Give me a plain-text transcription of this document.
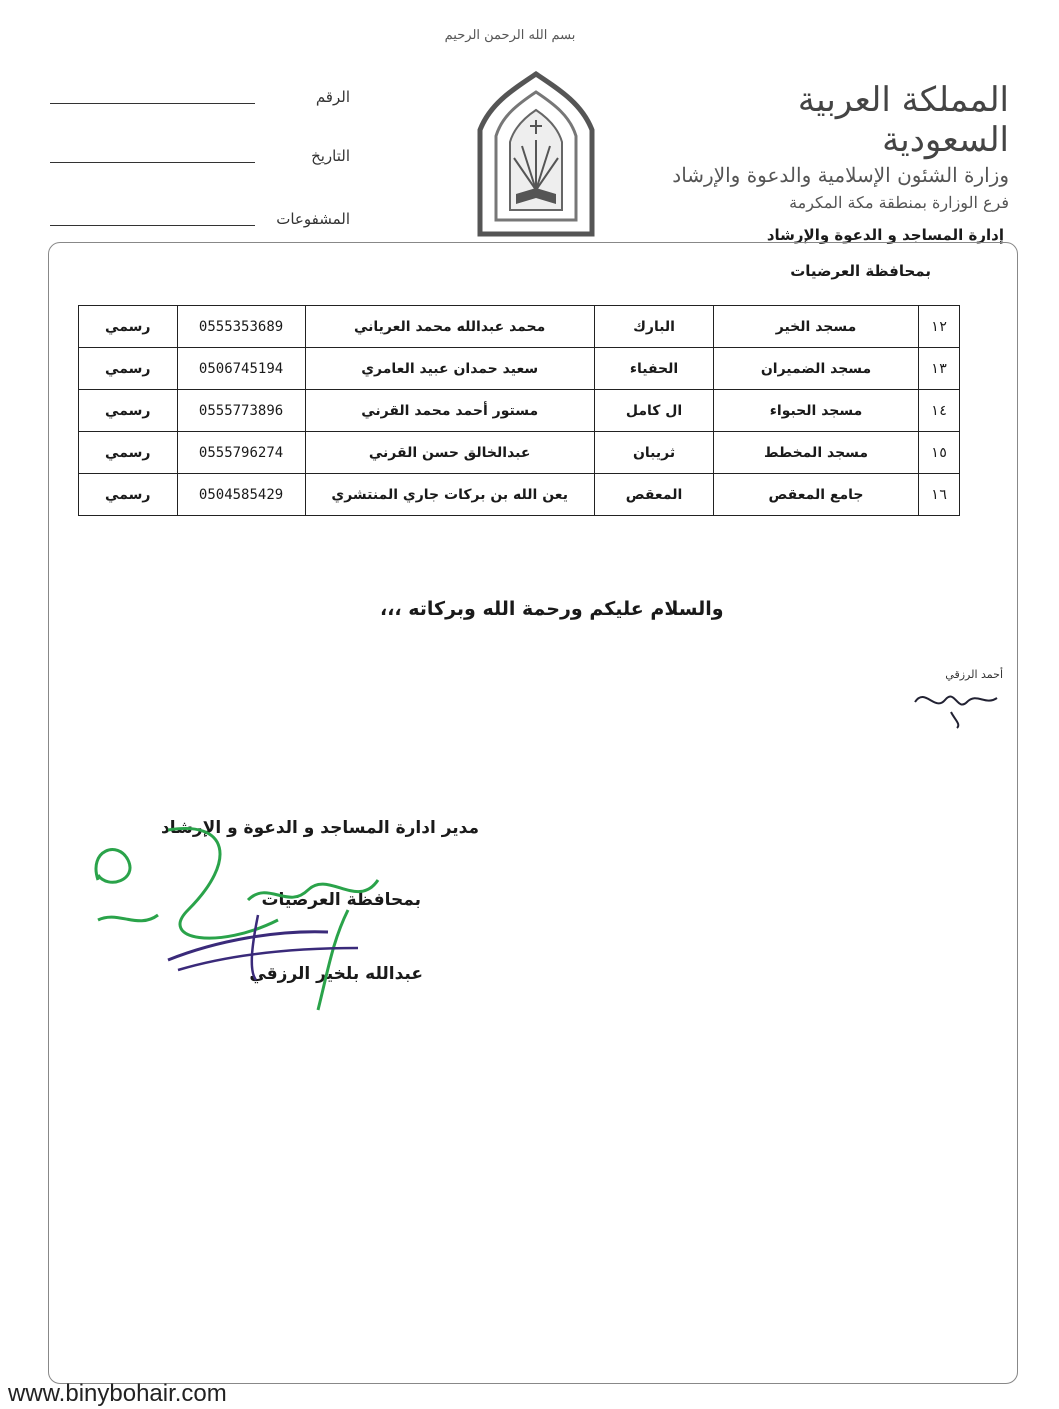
بسم الله الرحمن الرحيم
المملكة العربية السعودية
وزارة الشئون الإسلامية والدعوة والإرشاد
فرع الوزارة بمنطقة مكة المكرمة
إدارة المساجد و الدعوة والإرشاد
بمحافظة العرضيات
الرقم
التاريخ
المشفوعات
١٢	مسجد الخير	البارك	محمد عبدالله محمد العرياني	0555353689	رسمي
١٣	مسجد الضميران	الحفياء	سعيد حمدان عبيد العامري	0506745194	رسمي
١٤	مسجد الحبواء	ال كامل	مستور أحمد محمد القرني	0555773896	رسمي
١٥	مسجد المخطط	ثريبان	عبدالخالق حسن القرني	0555796274	رسمي
١٦	جامع المعقص	المعقص	يعن الله بن بركات جاري المنتشري	0504585429	رسمي
والسلام عليكم ورحمة الله وبركاته ،،،
أحمد الرزقي
مدير ادارة المساجد و الدعوة و الإرشاد
بمحافظة العرضيات
عبدالله بلخير الرزقي
www.binybohair.com
